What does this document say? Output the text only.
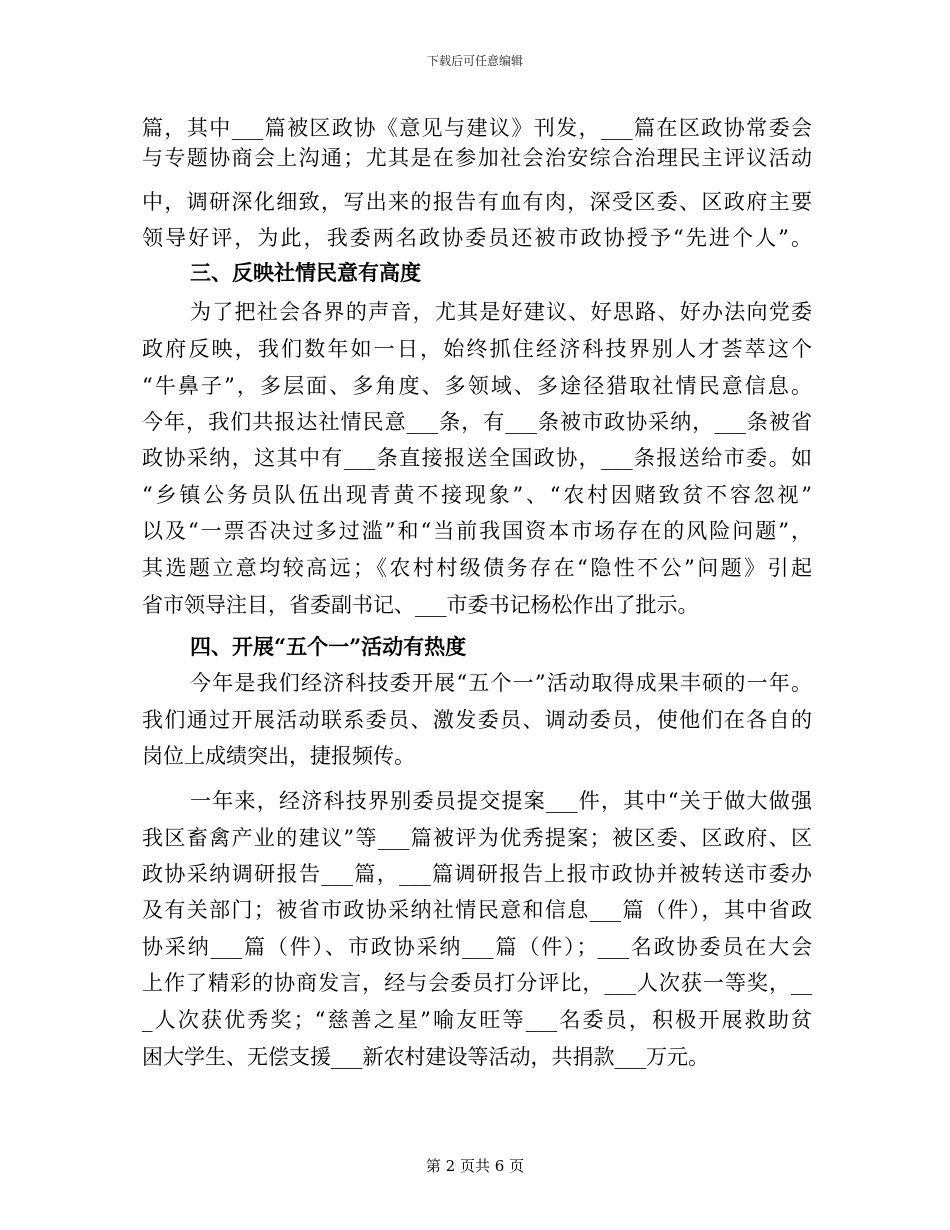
下载后可任意编辑
篇，其中___篇被区政协《意见与建议》刊发，___篇在区政协常委会
与专题协商会上沟通；尤其是在参加社会治安综合治理民主评议活动
中，调研深化细致，写出来的报告有血有肉，深受区委、区政府主要
领导好评，为此，我委两名政协委员还被市政协授予“先进个人”。
三、反映社情民意有高度
为了把社会各界的声音，尤其是好建议、好思路、好办法向党委
政府反映，我们数年如一日，始终抓住经济科技界别人才荟萃这个
“牛鼻子”，多层面、多角度、多领域、多途径猎取社情民意信息。
今年，我们共报达社情民意___条，有___条被市政协采纳，___条被省
政协采纳，这其中有___条直接报送全国政协，___条报送给市委。如
“乡镇公务员队伍出现青黄不接现象”、“农村因赌致贫不容忽视”
以及“一票否决过多过滥”和“当前我国资本市场存在的风险问题”，
其选题立意均较高远；《农村村级债务存在“隐性不公”问题》引起
省市领导注目，省委副书记、___市委书记杨松作出了批示。
四、开展“五个一”活动有热度
今年是我们经济科技委开展“五个一”活动取得成果丰硕的一年。
我们通过开展活动联系委员、激发委员、调动委员，使他们在各自的
岗位上成绩突出，捷报频传。
一年来，经济科技界别委员提交提案___件，其中“关于做大做强
我区畜禽产业的建议”等___篇被评为优秀提案；被区委、区政府、区
政协采纳调研报告___篇，___篇调研报告上报市政协并被转送市委办
及有关部门；被省市政协采纳社情民意和信息___篇（件），其中省政
协采纳___篇（件）、市政协采纳___篇（件）；___名政协委员在大会
上作了精彩的协商发言，经与会委员打分评比，___人次获一等奖，__
_人次获优秀奖；“慈善之星”喻友旺等___名委员，积极开展救助贫
困大学生、无偿支援___新农村建设等活动，共捐款___万元。
第 2 页共 6 页
